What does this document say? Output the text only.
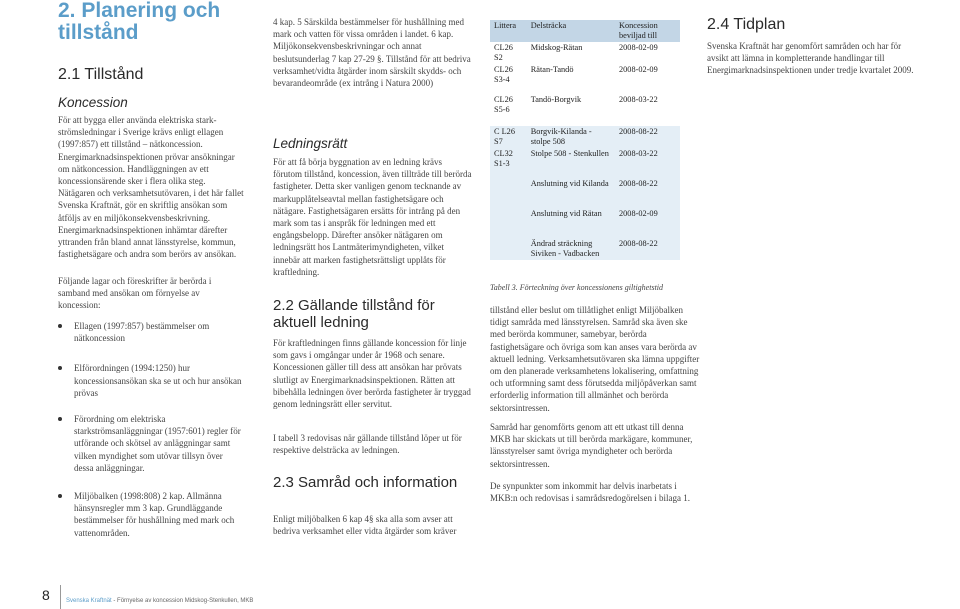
2. Planering och tillstånd
2.1 Tillstånd
Koncession
För att bygga eller använda elektriska stark-strömsledningar i Sverige krävs enligt ellagen (1997:857) ett tillstånd – nätkoncession. Energimarknadsinspektionen prövar ansökningar om nätkoncession. Handläggningen av ett koncessionsärende sker i flera olika steg. Nätägaren och verksamhetsutövaren, i det här fallet Svenska Kraftnät, gör en skriftlig ansökan som åtföljs av en miljökonsekvensbeskrivning. Energimarknadsinspektionen inhämtar därefter yttranden från bland annat länsstyrelse, kommun, fastighetsägare och andra som berörs av ansökan.
Följande lagar och föreskrifter är berörda i samband med ansökan om förnyelse av koncession:
Ellagen (1997:857) bestämmelser om nätkoncession
Elförordningen (1994:1250) hur koncessionsansökan ska se ut och hur ansökan prövas
Förordning om elektriska starkströmsanläggningar (1957:601) regler för utförande och skötsel av anläggningar samt vilken myndighet som utövar tillsyn över dessa anläggningar.
Miljöbalken (1998:808) 2 kap. Allmänna hänsynsregler mm 3 kap. Grundläggande bestämmelser för hushållning med mark och vattenområden.
4 kap. 5 Särskilda bestämmelser för hushållning med mark och vatten för vissa områden i landet. 6 kap. Miljökonsekvensbeskrivningar och annat beslutsunderlag 7 kap 27-29 §. Tillstånd för att bedriva verksamhet/vidta åtgärder inom särskilt skydds- och bevarandeområde (ex intrång i Natura 2000)
Ledningsrätt
För att få börja byggnation av en ledning krävs förutom tillstånd, koncession, även tillträde till berörda fastigheter. Detta sker vanligen genom tecknande av markupplåtelseavtal mellan fastighetsägare och nätägare. Fastighetsägaren ersätts för intrång på den mark som tas i anspråk för ledningen med ett engångsbelopp. Därefter ansöker nätägaren om ledningsrätt hos Lantmäterimyndigheten, vilket innebär att marken fastighetsrättsligt upplåts för kraftledning.
2.2 Gällande tillstånd för aktuell ledning
För kraftledningen finns gällande koncession för linje som gavs i omgångar under år 1968 och senare. Koncessionen gäller till dess att ansökan har prövats slutligt av Energimarknadsinspektionen. Rätten att bibehålla ledningen över berörda fastigheter är tryggad genom ledningsrätt eller servitut.
I tabell 3 redovisas när gällande tillstånd löper ut för respektive delsträcka av ledningen.
2.3 Samråd och information
Enligt miljöbalken 6 kap 4§ ska alla som avser att bedriva verksamhet eller vidta åtgärder som kräver
Littera	Delsträcka	Koncession beviljad till
CL26 S2	Midskog-Rätan	2008-02-09
CL26 S3-4	Rätan-Tandö	2008-02-09
CL26 S5-6	Tandö-Borgvik	2008-03-22
C L26 S7	Borgvik-Kilanda - stolpe 508	2008-08-22
CL32 S1-3	Stolpe 508 - Stenkullen	2008-03-22
	Anslutning vid Kilanda	2008-08-22
	Anslutning vid Rätan	2008-02-09
	Ändrad sträckning Siviken - Vadbacken	2008-08-22
Tabell 3. Förteckning över koncessionens giltighetstid
tillstånd eller beslut om tillåtlighet enligt Miljöbalken tidigt samråda med länsstyrelsen. Samråd ska även ske med berörda kommuner, samebyar, berörda fastighetsägare och övriga som kan anses vara berörda av aktuell ledning. Verksamhetsutövaren ska lämna uppgifter om den planerade verksamhetens lokalisering, omfattning och utformning samt dess förutsedda miljöpåverkan samt erforderlig information till allmänhet och berörda sektorsintressen.
Samråd har genomförts genom att ett utkast till denna MKB har skickats ut till berörda markägare, kommuner, länsstyrelser samt övriga myndigheter och berörda sektorsintressen.
De synpunkter som inkommit har delvis inarbetats i MKB:n och redovisas i samrådsredogörelsen i bilaga 1.
2.4 Tidplan
Svenska Kraftnät har genomfört samråden och har för avsikt att lämna in kompletterande handlingar till Energimarknadsinspektionen under tredje kvartalet 2009.
8	Svenska Kraftnät - Förnyelse av koncession Midskog-Stenkullen, MKB
